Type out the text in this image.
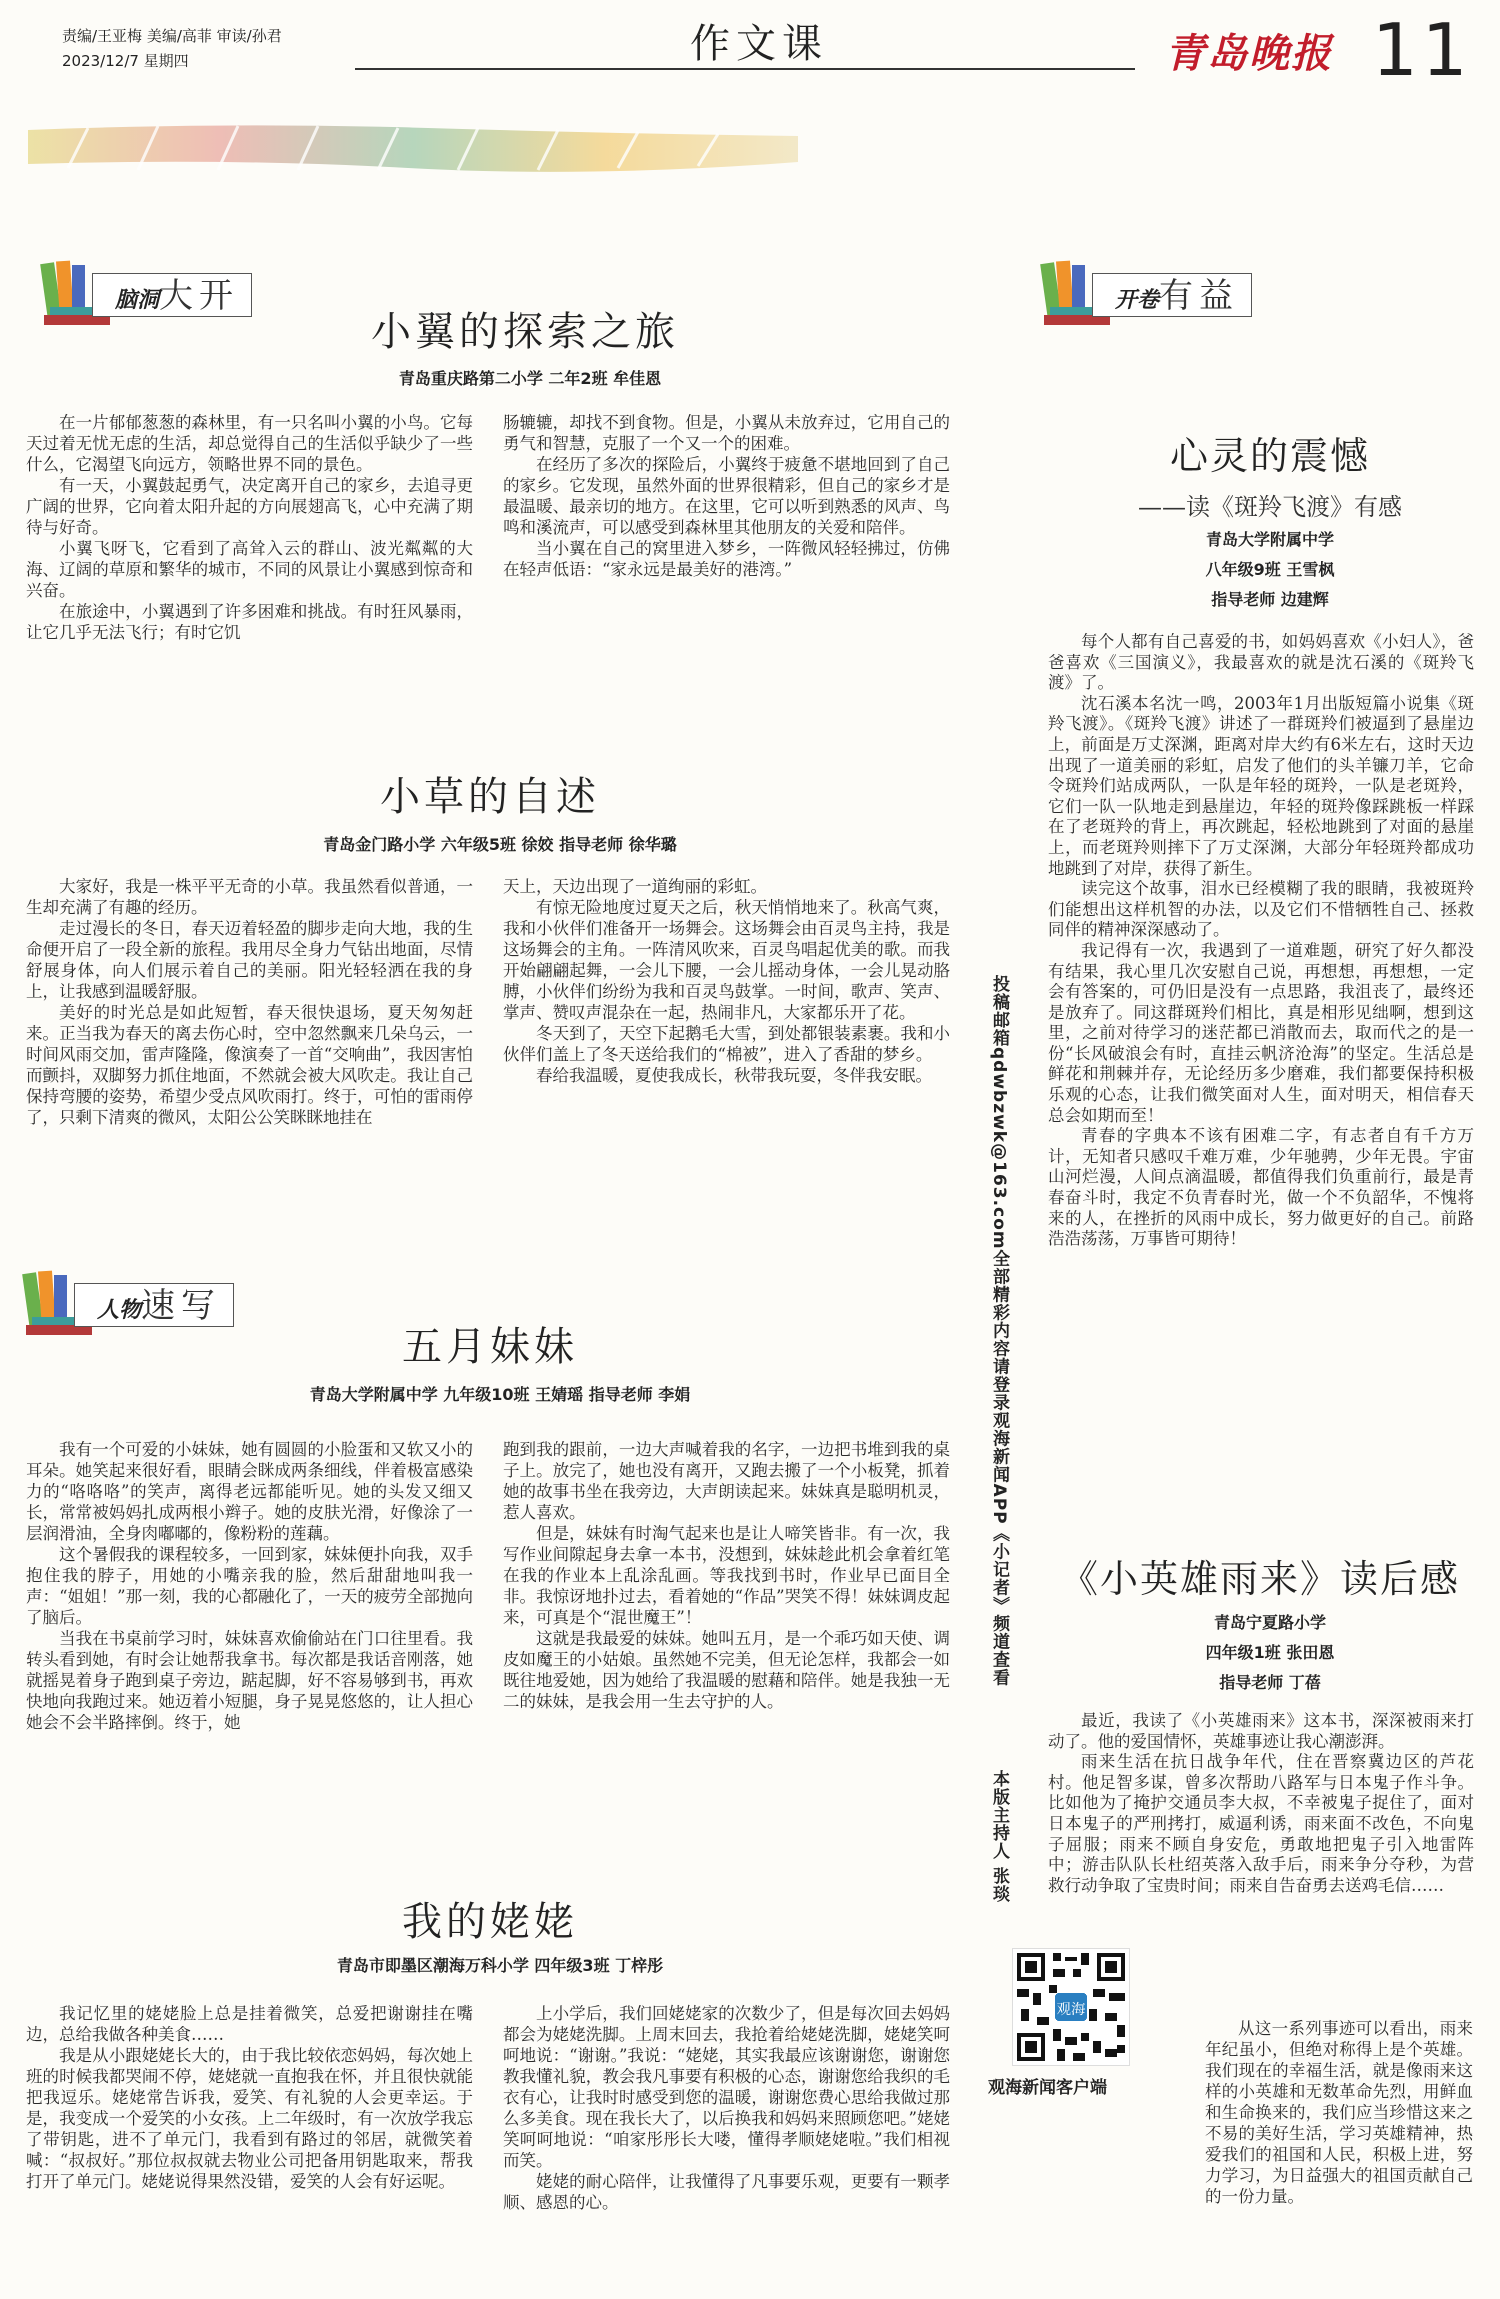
责编/王亚梅 美编/高菲 审读/孙君
2023/12/7 星期四	作文课	青岛晚报 11
脑洞大开	开卷有益
人物速写
小翼的探索之旅
青岛重庆路第二小学 二年2班 牟佳恩

在一片郁郁葱葱的森林里，有一只名叫小翼的小鸟。它每天过着无忧无虑的生活，却总觉得自己的生活似乎缺少了一些什么，它渴望飞向远方，领略世界不同的景色。

有一天，小翼鼓起勇气，决定离开自己的家乡，去追寻更广阔的世界，它向着太阳升起的方向展翅高飞，心中充满了期待与好奇。

小翼飞呀飞，它看到了高耸入云的群山、波光粼粼的大海、辽阔的草原和繁华的城市，不同的风景让小翼感到惊奇和兴奋。

在旅途中，小翼遇到了许多困难和挑战。有时狂风暴雨，让它几乎无法飞行；有时它饥

肠辘辘，却找不到食物。但是，小翼从未放弃过，它用自己的勇气和智慧，克服了一个又一个的困难。

在经历了多次的探险后，小翼终于疲惫不堪地回到了自己的家乡。它发现，虽然外面的世界很精彩，但自己的家乡才是最温暖、最亲切的地方。在这里，它可以听到熟悉的风声、鸟鸣和溪流声，可以感受到森林里其他朋友的关爱和陪伴。

当小翼在自己的窝里进入梦乡，一阵微风轻轻拂过，仿佛在轻声低语：“家永远是最美好的港湾。”

小草的自述
青岛金门路小学 六年级5班 徐姣 指导老师 徐华璐

大家好，我是一株平平无奇的小草。我虽然看似普通，一生却充满了有趣的经历。

走过漫长的冬日，春天迈着轻盈的脚步走向大地，我的生命便开启了一段全新的旅程。我用尽全身力气钻出地面，尽情舒展身体，向人们展示着自己的美丽。阳光轻轻洒在我的身上，让我感到温暖舒服。

美好的时光总是如此短暂，春天很快退场，夏天匆匆赶来。正当我为春天的离去伤心时，空中忽然飘来几朵乌云，一时间风雨交加，雷声隆隆，像演奏了一首“交响曲”，我因害怕而颤抖，双脚努力抓住地面，不然就会被大风吹走。我让自己保持弯腰的姿势，希望少受点风吹雨打。终于，可怕的雷雨停了，只剩下清爽的微风，太阳公公笑眯眯地挂在

天上，天边出现了一道绚丽的彩虹。

有惊无险地度过夏天之后，秋天悄悄地来了。秋高气爽，我和小伙伴们准备开一场舞会。这场舞会由百灵鸟主持，我是这场舞会的主角。一阵清风吹来，百灵鸟唱起优美的歌。而我开始翩翩起舞，一会儿下腰，一会儿摇动身体，一会儿晃动胳膊，小伙伴们纷纷为我和百灵鸟鼓掌。一时间，歌声、笑声、掌声、赞叹声混杂在一起，热闹非凡，大家都乐开了花。

冬天到了，天空下起鹅毛大雪，到处都银装素裹。我和小伙伴们盖上了冬天送给我们的“棉被”，进入了香甜的梦乡。

春给我温暖，夏使我成长，秋带我玩耍，冬伴我安眠。

五月妹妹
青岛大学附属中学 九年级10班 王婧瑶 指导老师 李娟

我有一个可爱的小妹妹，她有圆圆的小脸蛋和又软又小的耳朵。她笑起来很好看，眼睛会眯成两条细线，伴着极富感染力的“咯咯咯”的笑声，离得老远都能听见。她的头发又细又长，常常被妈妈扎成两根小辫子。她的皮肤光滑，好像涂了一层润滑油，全身肉嘟嘟的，像粉粉的莲藕。

这个暑假我的课程较多，一回到家，妹妹便扑向我，双手抱住我的脖子，用她的小嘴亲我的脸，然后甜甜地叫我一声：“姐姐！”那一刻，我的心都融化了，一天的疲劳全部抛向了脑后。

当我在书桌前学习时，妹妹喜欢偷偷站在门口往里看。我转头看到她，有时会让她帮我拿书。每次都是我话音刚落，她就摇晃着身子跑到桌子旁边，踮起脚，好不容易够到书，再欢快地向我跑过来。她迈着小短腿，身子晃晃悠悠的，让人担心她会不会半路摔倒。终于，她

跑到我的跟前，一边大声喊着我的名字，一边把书堆到我的桌子上。放完了，她也没有离开，又跑去搬了一个小板凳，抓着她的故事书坐在我旁边，大声朗读起来。妹妹真是聪明机灵，惹人喜欢。

但是，妹妹有时淘气起来也是让人啼笑皆非。有一次，我写作业间隙起身去拿一本书，没想到，妹妹趁此机会拿着红笔在我的作业本上乱涂乱画。等我找到书时，作业早已面目全非。我惊讶地扑过去，看着她的“作品”哭笑不得！妹妹调皮起来，可真是个“混世魔王”！

这就是我最爱的妹妹。她叫五月，是一个乖巧如天使、调皮如魔王的小姑娘。虽然她不完美，但无论怎样，我都会一如既往地爱她，因为她给了我温暖的慰藉和陪伴。她是我独一无二的妹妹，是我会用一生去守护的人。

我的姥姥
青岛市即墨区潮海万科小学 四年级3班 丁梓彤

我记忆里的姥姥脸上总是挂着微笑，总爱把谢谢挂在嘴边，总给我做各种美食……

我是从小跟姥姥长大的，由于我比较依恋妈妈，每次她上班的时候我都哭闹不停，姥姥就一直抱我在怀，并且很快就能把我逗乐。姥姥常告诉我，爱笑、有礼貌的人会更幸运。于是，我变成一个爱笑的小女孩。上二年级时，有一次放学我忘了带钥匙，进不了单元门，我看到有路过的邻居，就微笑着喊：“叔叔好。”那位叔叔就去物业公司把备用钥匙取来，帮我打开了单元门。姥姥说得果然没错，爱笑的人会有好运呢。

上小学后，我们回姥姥家的次数少了，但是每次回去妈妈都会为姥姥洗脚。上周末回去，我抢着给姥姥洗脚，姥姥笑呵呵地说：“谢谢。”我说：“姥姥，其实我最应该谢谢您，谢谢您教我懂礼貌，教会我凡事要有积极的心态，谢谢您给我织的毛衣有心，让我时时感受到您的温暖，谢谢您费心思给我做过那么多美食。现在我长大了，以后换我和妈妈来照顾您吧。”姥姥笑呵呵地说：“咱家彤彤长大喽，懂得孝顺姥姥啦。”我们相视而笑。

姥姥的耐心陪伴，让我懂得了凡事要乐观，更要有一颗孝顺、感恩的心。

投稿邮箱qdwbzwk@163.com全部精彩内容请登录观海新闻APP《小记者》频道查看
本版主持人 张琰
观海
观海新闻客户端
心灵的震憾
——读《斑羚飞渡》有感
青岛大学附属中学
八年级9班 王雪枫
指导老师 边建辉

每个人都有自己喜爱的书，如妈妈喜欢《小妇人》，爸爸喜欢《三国演义》，我最喜欢的就是沈石溪的《斑羚飞渡》了。

沈石溪本名沈一鸣，2003年1月出版短篇小说集《斑羚飞渡》。《斑羚飞渡》讲述了一群斑羚们被逼到了悬崖边上，前面是万丈深渊，距离对岸大约有6米左右，这时天边出现了一道美丽的彩虹，启发了他们的头羊镰刀羊，它命令斑羚们站成两队，一队是年轻的斑羚，一队是老斑羚，它们一队一队地走到悬崖边，年轻的斑羚像踩跳板一样踩在了老斑羚的背上，再次跳起，轻松地跳到了对面的悬崖上，而老斑羚则摔下了万丈深渊，大部分年轻斑羚都成功地跳到了对岸，获得了新生。

读完这个故事，泪水已经模糊了我的眼睛，我被斑羚们能想出这样机智的办法，以及它们不惜牺牲自己、拯救同伴的精神深深感动了。

我记得有一次，我遇到了一道难题，研究了好久都没有结果，我心里几次安慰自己说，再想想，再想想，一定会有答案的，可仍旧是没有一点思路，我沮丧了，最终还是放弃了。同这群斑羚们相比，真是相形见绌啊，想到这里，之前对待学习的迷茫都已消散而去，取而代之的是一份“长风破浪会有时，直挂云帆济沧海”的坚定。生活总是鲜花和荆棘并存，无论经历多少磨难，我们都要保持积极乐观的心态，让我们微笑面对人生，面对明天，相信春天总会如期而至！

青春的字典本不该有困难二字，有志者自有千方万计，无知者只感叹千难万难，少年驰骋，少年无畏。宇宙山河烂漫，人间点滴温暖，都值得我们负重前行，最是青春奋斗时，我定不负青春时光，做一个不负韶华，不愧将来的人，在挫折的风雨中成长，努力做更好的自己。前路浩浩荡荡，万事皆可期待！

《小英雄雨来》读后感
青岛宁夏路小学
四年级1班 张田恩
指导老师 丁蓓

最近，我读了《小英雄雨来》这本书，深深被雨来打动了。他的爱国情怀，英雄事迹让我心潮澎湃。

雨来生活在抗日战争年代，住在晋察冀边区的芦花村。他足智多谋，曾多次帮助八路军与日本鬼子作斗争。比如他为了掩护交通员李大叔，不幸被鬼子捉住了，面对日本鬼子的严刑拷打，威逼利诱，雨来面不改色，不向鬼子屈服；雨来不顾自身安危，勇敢地把鬼子引入地雷阵中；游击队队长杜绍英落入敌手后，雨来争分夺秒，为营救行动争取了宝贵时间；雨来自告奋勇去送鸡毛信……

从这一系列事迹可以看出，雨来年纪虽小，但绝对称得上是个英雄。我们现在的幸福生活，就是像雨来这样的小英雄和无数革命先烈，用鲜血和生命换来的，我们应当珍惜这来之不易的美好生活，学习英雄精神，热爱我们的祖国和人民，积极上进，努力学习，为日益强大的祖国贡献自己的一份力量。
